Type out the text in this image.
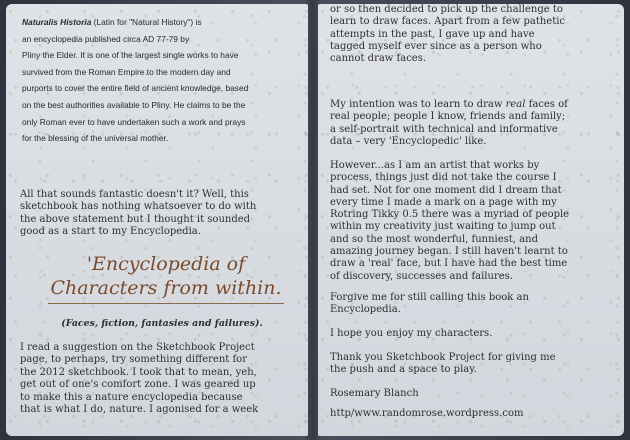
Naturalis Historia (Latin for "Natural History") is
an encyclopedia published circa AD 77-79 by
Pliny the Elder. It is one of the largest single works to have
survived from the Roman Empire to the modern day and
purports to cover the entire field of ancient knowledge, based
on the best authorities available to Pliny. He claims to be the
only Roman ever to have undertaken such a work and prays
for the blessing of the universal mother.
All that sounds fantastic doesn't it? Well, this
sketchbook has nothing whatsoever to do with
the above statement but I thought it sounded
good as a start to my Encyclopedia.
'Encyclopedia of
Characters from within.
(Faces, fiction, fantasies and failures).
I read a suggestion on the Sketchbook Project
page, to perhaps, try something different for
the 2012 sketchbook. I took that to mean, yeh,
get out of one's comfort zone. I was geared up
to make this a nature encyclopedia because
that is what I do, nature. I agonised for a week
or so then decided to pick up the challenge to
learn to draw faces. Apart from a few pathetic
attempts in the past, I gave up and have
tagged myself ever since as a person who
cannot draw faces.
My intention was to learn to draw real faces of
real people; people I know, friends and family;
a self-portrait with technical and informative
data – very 'Encyclopedic' like.
However...as I am an artist that works by
process, things just did not take the course I
had set. Not for one moment did I dream that
every time I made a mark on a page with my
Rotring Tikky 0.5 there was a myriad of people
within my creativity just waiting to jump out
and so the most wonderful, funniest, and
amazing journey began. I still haven't learnt to
draw a 'real' face, but I have had the best time
of discovery, successes and failures.
Forgive me for still calling this book an
Encyclopedia.
I hope you enjoy my characters.
Thank you Sketchbook Project for giving me
the push and a space to play.
Rosemary Blanch
http/www.randomrose.wordpress.com
